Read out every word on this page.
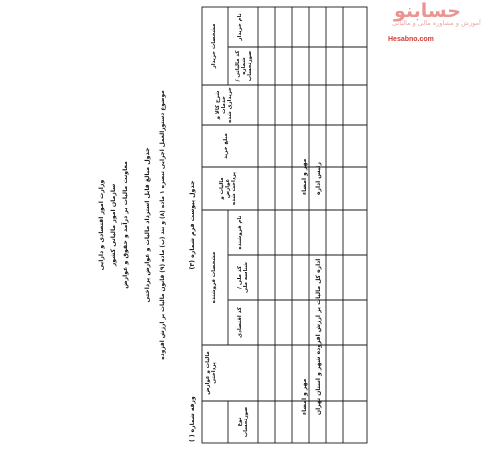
وزارت امور اقتصادی و دارایی سازمان امور مالیاتی کشور معاونت مالیات بر درآمد و حقوق و عوارض جدول مبالغ قابل استرداد مالیات و عوارض پرداختی
موضوع دستورالعمل اجرایی تبصره ۱ ماده (۸) و بند (ب) ماده (۹) قانون مالیات بر ارزش افزوده
جدول پیوست فرم شماره (۳)
ورقه شماره ( )
مشخصات فروشنده
مشخصات خریدار
کد اقتصادی
کد ملی / شناسه ملی
نام فروشنده
مالیات و عوارض پرداخت شده
مبلغ خرید
شرح کالا و خدمات خریداری شده
کد مالیاتی / شماره صورتحساب
نام خریدار
نوع صورتحساب
مالیات و عوارض پرداختی
مهر و امضاء رئیس اداره
مهر و امضاء اداره کل مالیات بر ارزش افزوده شهر و استان تهران
حسابنو
آموزش و مشاوره مالی و مالیاتی
Hesabno.com
